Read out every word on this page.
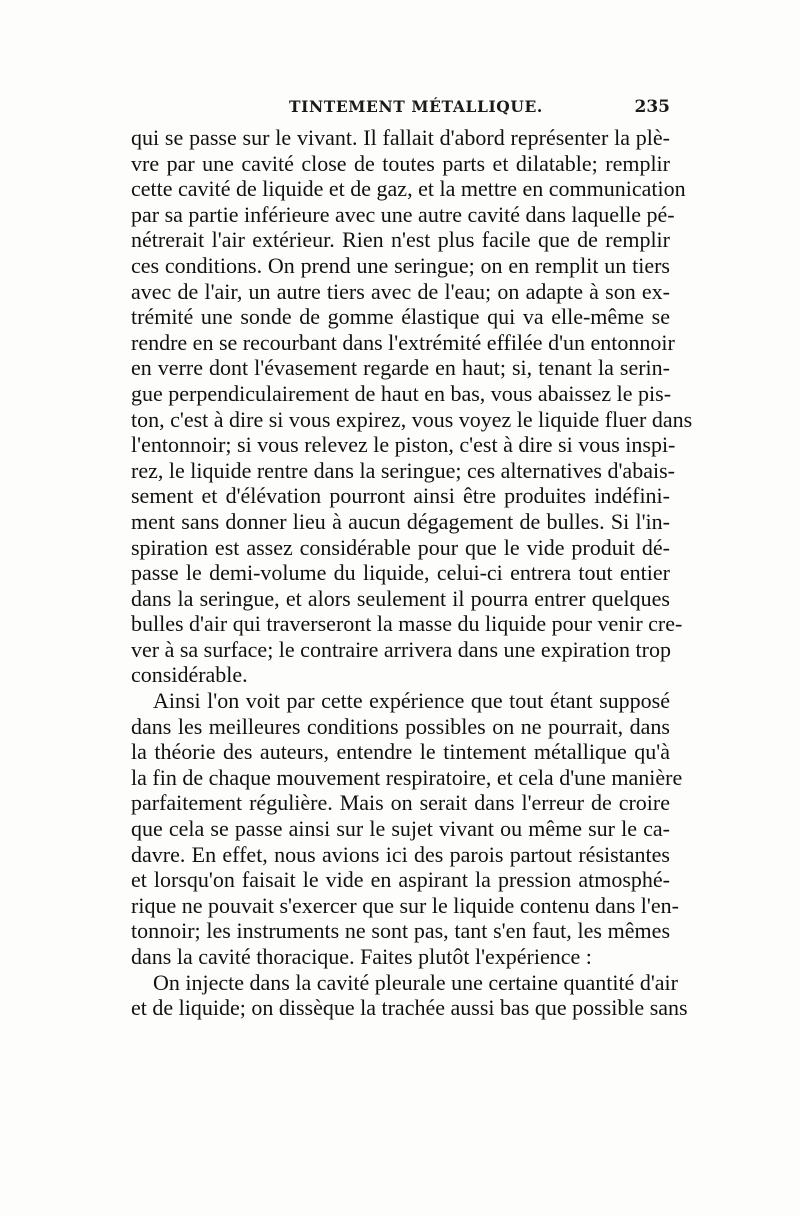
TINTEMENT MÉTALLIQUE.	235
qui se passe sur le vivant. Il fallait d'abord représenter la plè-
vre par une cavité close de toutes parts et dilatable; remplir
cette cavité de liquide et de gaz, et la mettre en communication
par sa partie inférieure avec une autre cavité dans laquelle pé-
nétrerait l'air extérieur. Rien n'est plus facile que de remplir
ces conditions. On prend une seringue; on en remplit un tiers
avec de l'air, un autre tiers avec de l'eau; on adapte à son ex-
trémité une sonde de gomme élastique qui va elle-même se
rendre en se recourbant dans l'extrémité effilée d'un entonnoir
en verre dont l'évasement regarde en haut; si, tenant la serin-
gue perpendiculairement de haut en bas, vous abaissez le pis-
ton, c'est à dire si vous expirez, vous voyez le liquide fluer dans
l'entonnoir; si vous relevez le piston, c'est à dire si vous inspi-
rez, le liquide rentre dans la seringue; ces alternatives d'abais-
sement et d'élévation pourront ainsi être produites indéfini-
ment sans donner lieu à aucun dégagement de bulles. Si l'in-
spiration est assez considérable pour que le vide produit dé-
passe le demi-volume du liquide, celui-ci entrera tout entier
dans la seringue, et alors seulement il pourra entrer quelques
bulles d'air qui traverseront la masse du liquide pour venir cre-
ver à sa surface; le contraire arrivera dans une expiration trop
considérable.
Ainsi l'on voit par cette expérience que tout étant supposé
dans les meilleures conditions possibles on ne pourrait, dans
la théorie des auteurs, entendre le tintement métallique qu'à
la fin de chaque mouvement respiratoire, et cela d'une manière
parfaitement régulière. Mais on serait dans l'erreur de croire
que cela se passe ainsi sur le sujet vivant ou même sur le ca-
davre. En effet, nous avions ici des parois partout résistantes
et lorsqu'on faisait le vide en aspirant la pression atmosphé-
rique ne pouvait s'exercer que sur le liquide contenu dans l'en-
tonnoir; les instruments ne sont pas, tant s'en faut, les mêmes
dans la cavité thoracique. Faites plutôt l'expérience :
On injecte dans la cavité pleurale une certaine quantité d'air
et de liquide; on dissèque la trachée aussi bas que possible sans
